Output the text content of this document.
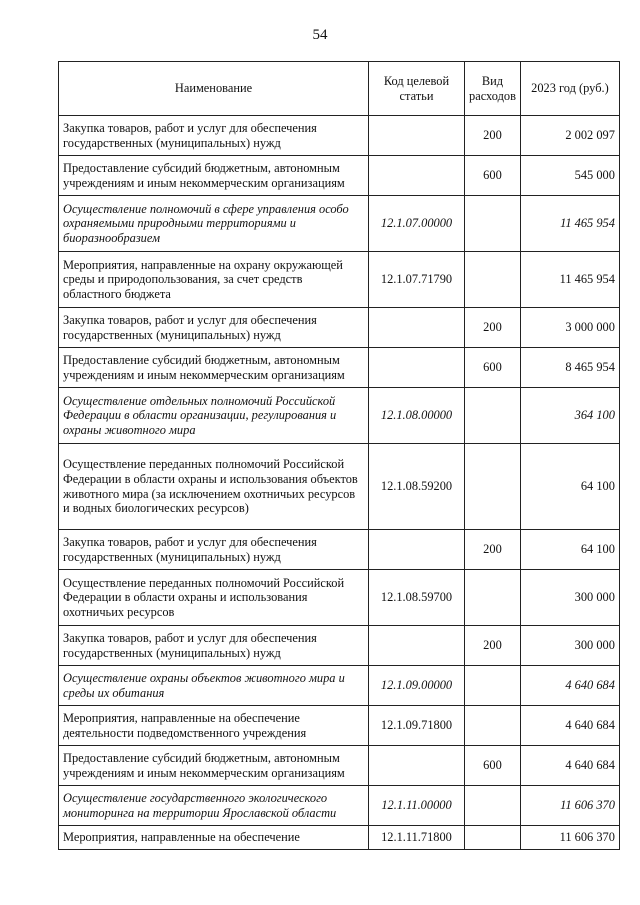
54
Наименование	Код целевой статьи	Вид расходов	2023 год (руб.)
Закупка товаров, работ и услуг для обеспечения государственных (муниципальных) нужд		200	2 002 097
Предоставление субсидий бюджетным, автономным учреждениям и иным некоммерческим организациям		600	545 000
Осуществление полномочий в сфере управления особо охраняемыми природными территориями и биоразнообразием	12.1.07.00000		11 465 954
Мероприятия, направленные на охрану окружающей среды и природопользования, за счет средств областного бюджета	12.1.07.71790		11 465 954
Закупка товаров, работ и услуг для обеспечения государственных (муниципальных) нужд		200	3 000 000
Предоставление субсидий бюджетным, автономным учреждениям и иным некоммерческим организациям		600	8 465 954
Осуществление отдельных полномочий Российской Федерации в области организации, регулирования и охраны животного мира	12.1.08.00000		364 100
Осуществление переданных полномочий Российской Федерации в области охраны и использования объектов животного мира (за исключением охотничьих ресурсов и водных биологических ресурсов)	12.1.08.59200		64 100
Закупка товаров, работ и услуг для обеспечения государственных (муниципальных) нужд		200	64 100
Осуществление переданных полномочий Российской Федерации в области охраны и использования охотничьих ресурсов	12.1.08.59700		300 000
Закупка товаров, работ и услуг для обеспечения государственных (муниципальных) нужд		200	300 000
Осуществление охраны объектов животного мира и среды их обитания	12.1.09.00000		4 640 684
Мероприятия, направленные на обеспечение деятельности подведомственного учреждения	12.1.09.71800		4 640 684
Предоставление субсидий бюджетным, автономным учреждениям и иным некоммерческим организациям		600	4 640 684
Осуществление государственного экологического мониторинга на территории Ярославской области	12.1.11.00000		11 606 370
Мероприятия, направленные на обеспечение	12.1.11.71800		11 606 370
